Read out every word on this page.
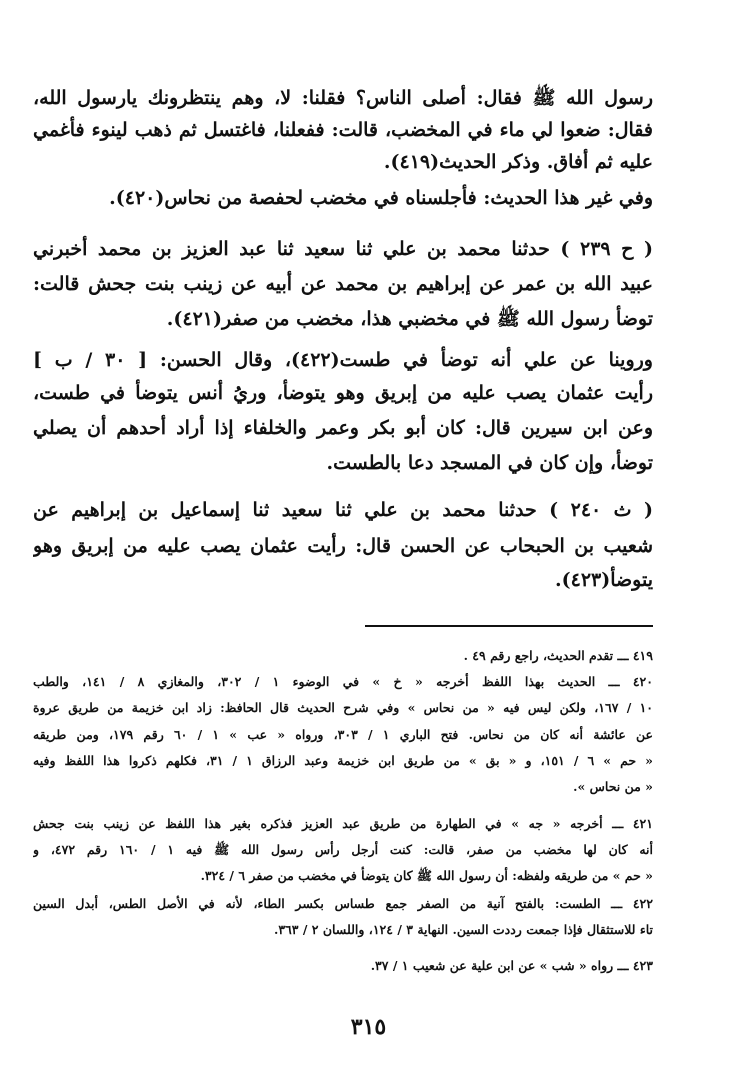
رسول الله ﷺ فقال: أصلى الناس؟ فقلنا: لا، وهم ينتظرونك يارسول الله،
فقال: ضعوا لي ماء في المخضب، قالت: ففعلنا، فاغتسل ثم ذهب لينوء فأغمي
عليه ثم أفاق. وذكر الحديث(٤١٩).
وفي غير هذا الحديث: فأجلسناه في مخضب لحفصة من نحاس(٤٢٠).
( ح ٢٣٩ ) حدثنا محمد بن علي ثنا سعيد ثنا عبد العزيز بن محمد أخبرني
عبيد الله بن عمر عن إبراهيم بن محمد عن أبيه عن زينب بنت جحش قالت:
توضأ رسول الله ﷺ في مخضبي هذا، مخضب من صفر(٤٢١).
وروينا عن علي أنه توضأ في طست(٤٢٢)، وقال الحسن: [ ٣٠ / ب ]
رأيت عثمان يصب عليه من إبريق وهو يتوضأ، وريُ أنس يتوضأ في طست،
وعن ابن سيرين قال: كان أبو بكر وعمر والخلفاء إذا أراد أحدهم أن يصلي
توضأ، وإن كان في المسجد دعا بالطست.
( ث ٢٤٠ ) حدثنا محمد بن علي ثنا سعيد ثنا إسماعيل بن إبراهيم عن
شعيب بن الحبحاب عن الحسن قال: رأيت عثمان يصب عليه من إبريق وهو
يتوضأ(٤٢٣).
٤١٩ ـــ تقدم الحديث، راجع رقم ٤٩ .
٤٢٠ ـــ الحديث بهذا اللفظ أخرجه « خ » في الوضوء ١ / ٣٠٢، والمغازي ٨ / ١٤١، والطب
١٠ / ١٦٧، ولكن ليس فيه « من نحاس » وفي شرح الحديث قال الحافظ: زاد ابن خزيمة من طريق عروة
عن عائشة أنه كان من نحاس. فتح الباري ١ / ٣٠٣، ورواه « عب » ١ / ٦٠ رقم ١٧٩، ومن طريقه
« حم » ٦ / ١٥١، و « بق » من طريق ابن خزيمة وعبد الرزاق ١ / ٣١، فكلهم ذكروا هذا اللفظ وفيه
« من نحاس ».
٤٢١ ـــ أخرجه « جه » في الطهارة من طريق عبد العزيز فذكره بغير هذا اللفظ عن زينب بنت جحش
أنه كان لها مخضب من صفر، قالت: كنت أرجل رأس رسول الله ﷺ فيه ١ / ١٦٠ رقم ٤٧٢، و
« حم » من طريقه ولفظه: أن رسول الله ﷺ كان يتوضأ في مخضب من صفر ٦ / ٣٢٤.
٤٢٢ ـــ الطست: بالفتح آنية من الصفر جمع طساس بكسر الطاء، لأنه في الأصل الطس، أبدل السين
تاء للاستثقال فإذا جمعت رددت السين. النهاية ٣ / ١٢٤، واللسان ٢ / ٣٦٣.
٤٢٣ ـــ رواه « شب » عن ابن علية عن شعيب ١ / ٣٧.
٣١٥
